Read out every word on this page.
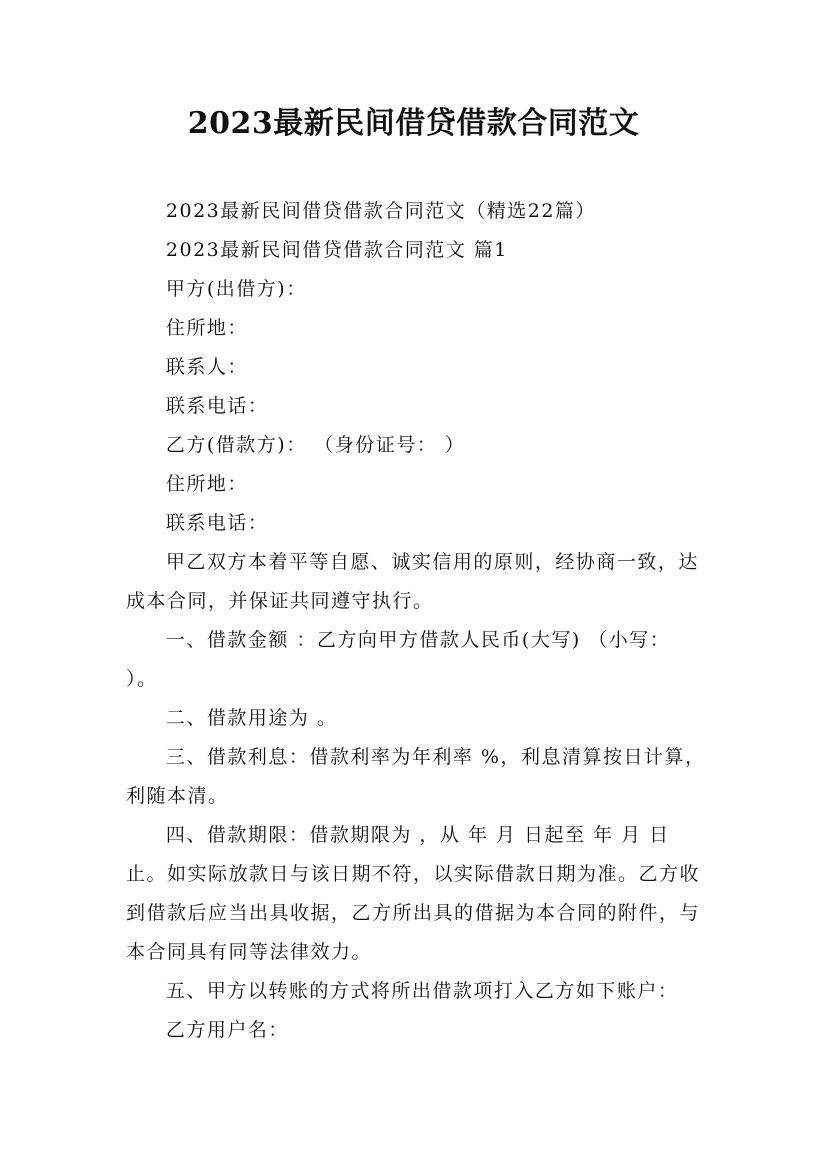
2023最新民间借贷借款合同范文

2023最新民间借贷借款合同范文（精选22篇）

2023最新民间借贷借款合同范文 篇1

甲方(出借方)：

住所地：

联系人：

联系电话：

乙方(借款方)： （身份证号： ）

住所地：

联系电话：

甲乙双方本着平等自愿、诚实信用的原则，经协商一致，达成本合同，并保证共同遵守执行。

一、借款金额 ：乙方向甲方借款人民币(大写) （小写： ）。

二、借款用途为 。

三、借款利息：借款利率为年利率 %，利息清算按日计算，利随本清。

四、借款期限：借款期限为 ，从 年 月 日起至 年 月 日止。如实际放款日与该日期不符，以实际借款日期为准。乙方收到借款后应当出具收据，乙方所出具的借据为本合同的附件，与本合同具有同等法律效力。

五、甲方以转账的方式将所出借款项打入乙方如下账户：

乙方用户名：
